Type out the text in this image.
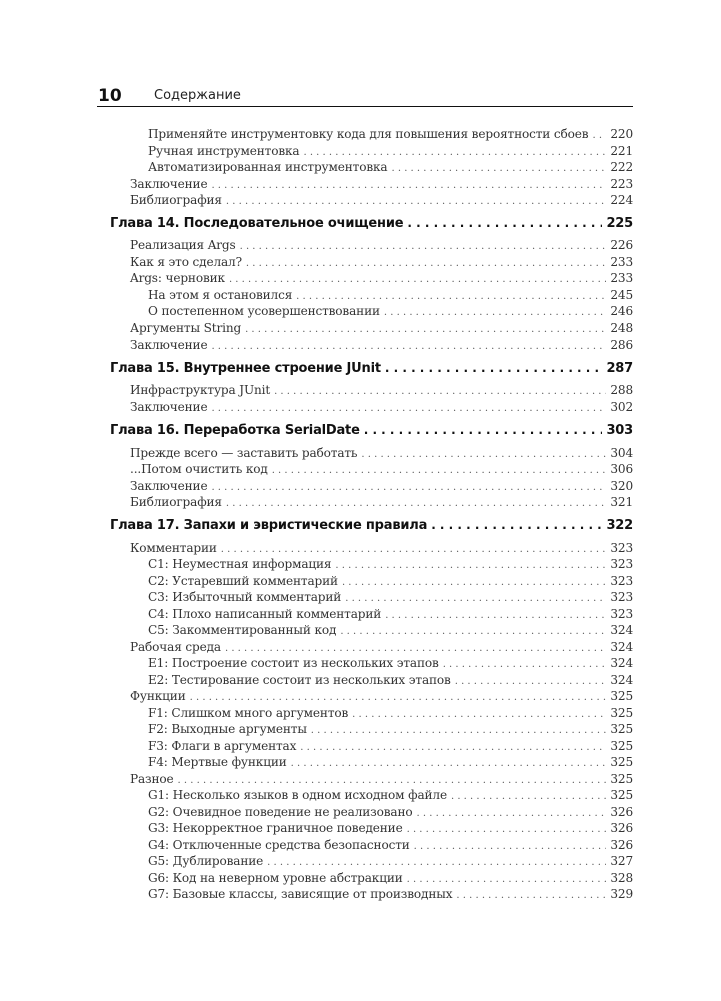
10 Содержание
Применяйте инструментовку кода для повышения вероятности сбоев . . . 220
Ручная инструментовка . . .	221
Автоматизированная инструментовка . . .	222
Заключение . . .	223
Библиография . . .	224
Глава 14. Последовательное очищение . . .	225
Реализация Args . . .	226
Как я это сделал? . . .	233
Args: черновик . . .	233
На этом я остановился . . .	245
О постепенном усовершенствовании . . .	246
Аргументы String . . .	248
Заключение . . .	286
Глава 15. Внутреннее строение JUnit . . .	287
Инфраструктура JUnit . . .	288
Заключение . . .	302
Глава 16. Переработка SerialDate . . .	303
Прежде всего — заставить работать . . .	304
...Потом очистить код . . .	306
Заключение . . .	320
Библиография . . .	321
Глава 17. Запахи и эвристические правила . . .	322
Комментарии . . .	323
C1: Неуместная информация . . .	323
C2: Устаревший комментарий . . .	323
C3: Избыточный комментарий . . .	323
C4: Плохо написанный комментарий . . .	323
C5: Закомментированный код . . .	324
Рабочая среда . . .	324
E1: Построение состоит из нескольких этапов . . .	324
E2: Тестирование состоит из нескольких этапов . . .	324
Функции . . .	325
F1: Слишком много аргументов . . .	325
F2: Выходные аргументы . . .	325
F3: Флаги в аргументах . . .	325
F4: Мертвые функции . . .	325
Разное . . .	325
G1: Несколько языков в одном исходном файле . . .	325
G2: Очевидное поведение не реализовано . . .	326
G3: Некорректное граничное поведение . . .	326
G4: Отключенные средства безопасности . . .	326
G5: Дублирование . . .	327
G6: Код на неверном уровне абстракции . . .	328
G7: Базовые классы, зависящие от производных . . .	329
